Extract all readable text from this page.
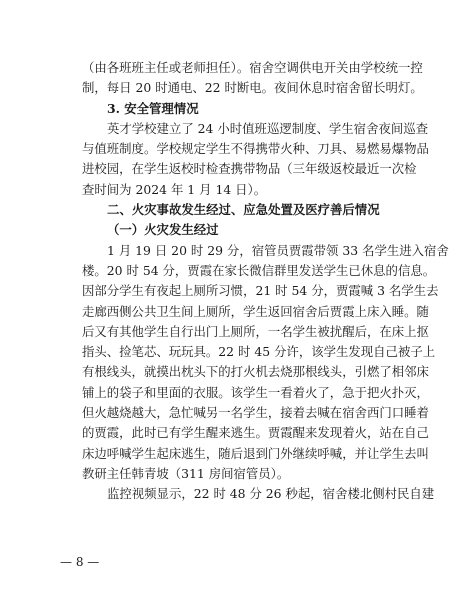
（由各班班主任或老师担任）。宿舍空调供电开关由学校统一控
制，每日 20 时通电、22 时断电。夜间休息时宿舍留长明灯。
3. 安全管理情况
英才学校建立了 24 小时值班巡逻制度、学生宿舍夜间巡查
与值班制度。学校规定学生不得携带火种、刀具、易燃易爆物品
进校园，在学生返校时检查携带物品（三年级返校最近一次检
查时间为 2024 年 1 月 14 日）。
二、火灾事故发生经过、应急处置及医疗善后情况
（一）火灾发生经过
1 月 19 日 20 时 29 分，宿管员贾霞带领 33 名学生进入宿舍
楼。20 时 54 分，贾霞在家长微信群里发送学生已休息的信息。
因部分学生有夜起上厕所习惯，21 时 54 分，贾霞喊 3 名学生去
走廊西侧公共卫生间上厕所，学生返回宿舍后贾霞上床入睡。随
后又有其他学生自行出门上厕所，一名学生被扰醒后，在床上抠
指头、捡笔芯、玩玩具。22 时 45 分许，该学生发现自己被子上
有根线头，就摸出枕头下的打火机去烧那根线头，引燃了相邻床
铺上的袋子和里面的衣服。该学生一看着火了，急于把火扑灭，
但火越烧越大，急忙喊另一名学生，接着去喊在宿舍西门口睡着
的贾霞，此时已有学生醒来逃生。贾霞醒来发现着火，站在自己
床边呼喊学生起床逃生，随后退到门外继续呼喊，并让学生去叫
教研主任韩青坡（311 房间宿管员）。
监控视频显示，22 时 48 分 26 秒起，宿舍楼北侧村民自建
— 8 —
